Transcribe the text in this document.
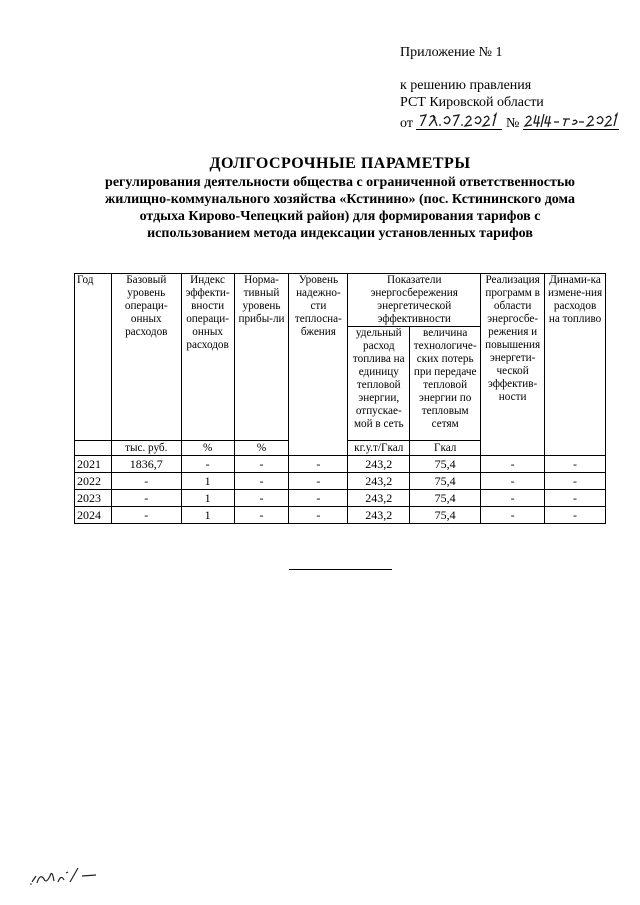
Приложение № 1
к решению правления
РСТ Кировской области
от	№
ДОЛГОСРОЧНЫЕ ПАРАМЕТРЫ
регулирования деятельности общества с ограниченной ответственностью жилищно-коммунального хозяйства «Кстинино» (пос. Кстининского дома отдыха Кирово-Чепецкий район) для формирования тарифов с использованием метода индексации установленных тарифов
Год	Базовый уровень операци-онных расходов	Индекс эффекти-вности операци-онных расходов	Норма-тивный уровень прибы-ли	Уровень надежно-сти теплосна-бжения	Показатели энергосбережения энергетической эффективности		Реализация программ в области энергосбе-режения и повышения энергети-ческой эффектив-ности	Динами-ка измене-ния расходов на топливо
					удельный расход топлива на единицу тепловой энергии, отпускае-мой в сеть	величина технологиче-ских потерь при передаче тепловой энергии по тепловым сетям		
	тыс. руб.	%	%		кг.у.т/Гкал	Гкал		
2021	1836,7	-	-	-	243,2	75,4	-	-
2022	-	1	-	-	243,2	75,4	-	-
2023	-	1	-	-	243,2	75,4	-	-
2024	-	1	-	-	243,2	75,4	-	-
